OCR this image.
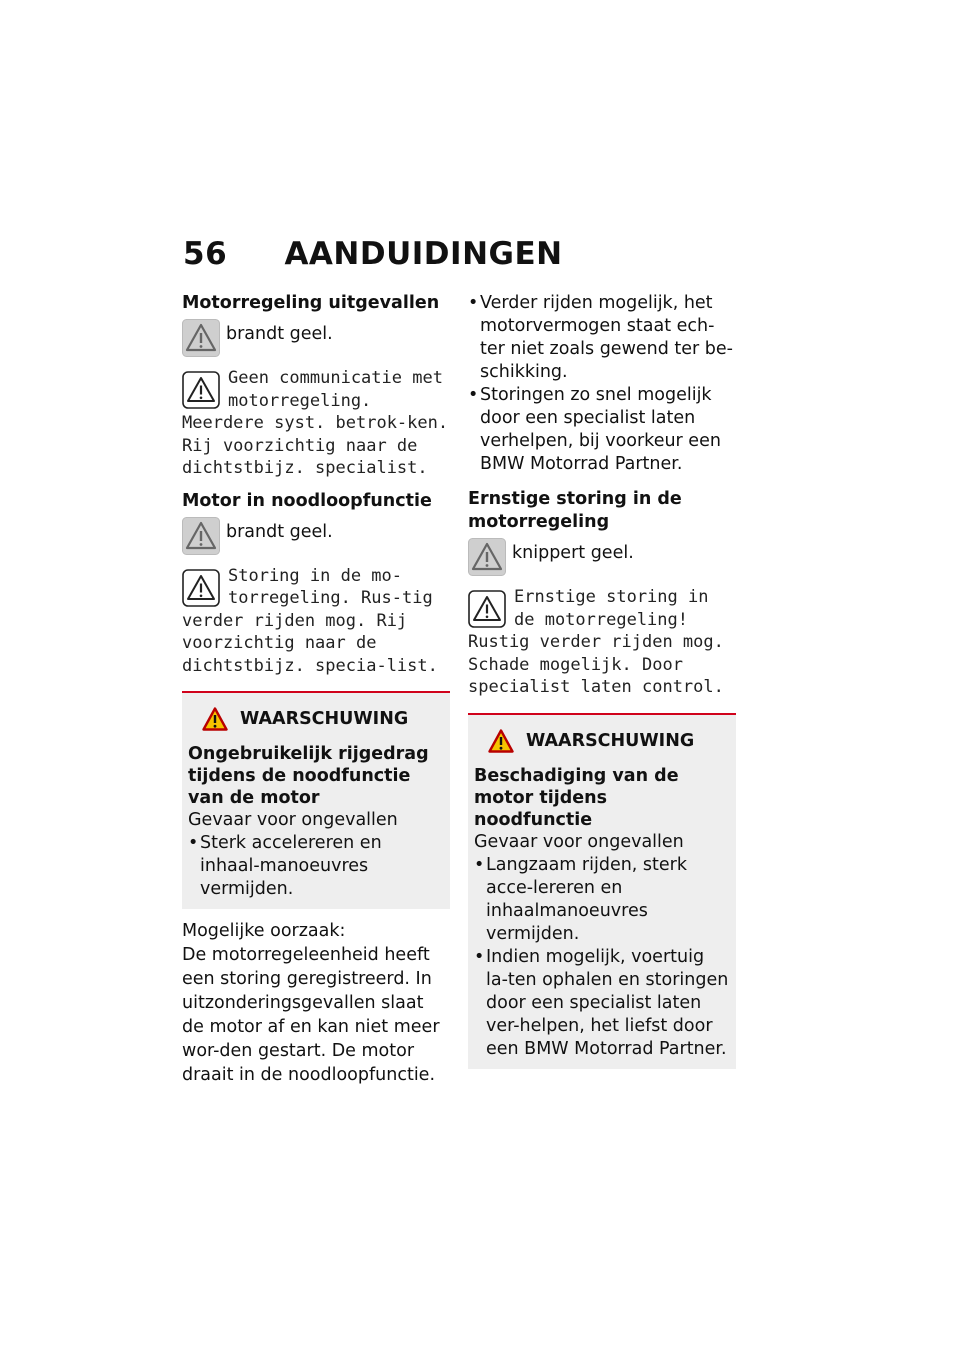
56 AANDUIDINGEN
Motorregeling uitgevallen
brandt geel.
Geen communicatie met motorregeling. Meerdere syst. betrok-ken. Rij voorzichtig naar de dichtstbijz. specialist.
Motor in noodloopfunctie
brandt geel.
Storing in de mo-torregeling. Rus-tig verder rijden mog. Rij voorzichtig naar de dichtstbijz. specia-list.
WAARSCHUWING
Ongebruikelijk rijgedrag tijdens de noodfunctie van de motor
Gevaar voor ongevallen
• Sterk accelereren en inhaal-manoeuvres vermijden.
Mogelijke oorzaak:
De motorregeleenheid heeft een storing geregistreerd. In uitzonderingsgevallen slaat de motor af en kan niet meer wor-den gestart. De motor draait in de noodloopfunctie.
• Verder rijden mogelijk, het motorvermogen staat ech-ter niet zoals gewend ter be-schikking.
• Storingen zo snel mogelijk door een specialist laten verhelpen, bij voorkeur een BMW Motorrad Partner.
Ernstige storing in de motorregeling
knippert geel.
Ernstige storing in de motorregeling! Rustig verder rijden mog. Schade mogelijk. Door specialist laten control.
WAARSCHUWING
Beschadiging van de motor tijdens noodfunctie
Gevaar voor ongevallen
• Langzaam rijden, sterk acce-lereren en inhaalmanoeuvres vermijden.
• Indien mogelijk, voertuig la-ten ophalen en storingen door een specialist laten ver-helpen, het liefst door een BMW Motorrad Partner.
